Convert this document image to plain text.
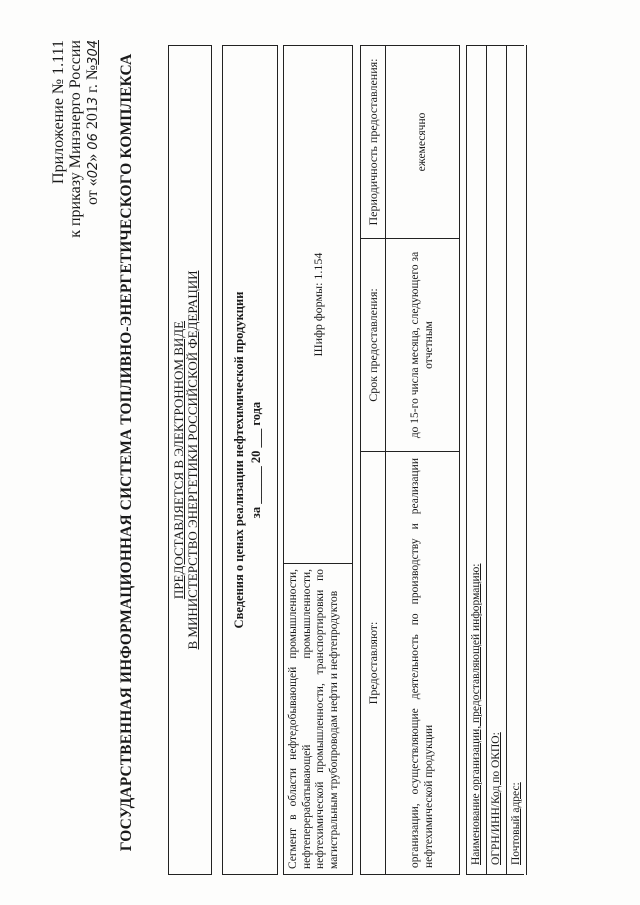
Приложение № 1.111 к приказу Минэнерго России от «02» 06 2013 г. №304
ГОСУДАРСТВЕННАЯ ИНФОРМАЦИОННАЯ СИСТЕМА ТОПЛИВНО-ЭНЕРГЕТИЧЕСКОГО КОМПЛЕКСА	ПРЕДОСТАВЛЯЕТСЯ В ЭЛЕКТРОННОМ ВИДЕ В МИНИСТЕРСТВО ЭНЕРГЕТИКИ РОССИЙСКОЙ ФЕДЕРАЦИИ	Сведения о ценах реализации нефтехимической продукции за ______ 20 ___ года
Сегмент в области нефтедобывающей промышленности, нефтеперерабатывающей промышленности, нефтехимической промышленности, транспортировки по магистральным трубопроводам нефти и нефтепродуктов	Шифр формы: 1.154
Предоставляют:	Срок предоставления:	Периодичность предоставления:
организации, осуществляющие деятельность по производству и реализации нефтехимической продукции	до 15-го числа месяца, следующего за отчетным	ежемесячно
Наименование организации, предоставляющей информацию: ОГРН/ИНН/Код по ОКПО: Почтовый адрес:
